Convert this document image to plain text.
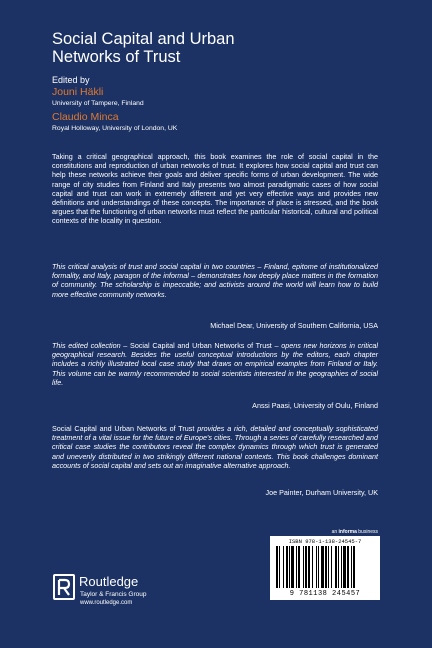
Social Capital and Urban
Networks of Trust
Edited by
Jouni Häkli
University of Tampere, Finland
Claudio Minca
Royal Holloway, University of London, UK

Taking a critical geographical approach, this book examines the role of social capital in the constitutions and reproduction of urban networks of trust. It explores how social capital and trust can help these networks achieve their goals and deliver specific forms of urban development. The wide range of city studies from Finland and Italy presents two almost paradigmatic cases of how social capital and trust can work in extremely different and yet very effective ways and provides new definitions and understandings of these concepts. The importance of place is stressed, and the book argues that the functioning of urban networks must reflect the particular historical, cultural and political contexts of the locality in question.

This critical analysis of trust and social capital in two countries – Finland, epitome of institutionalized formality, and Italy, paragon of the informal – demonstrates how deeply place matters in the formation of community. The scholarship is impeccable; and activists around the world will learn how to build more effective community networks.

Michael Dear, University of Southern California, USA

This edited collection – Social Capital and Urban Networks of Trust – opens new horizons in critical geographical research. Besides the useful conceptual introductions by the editors, each chapter includes a richly illustrated local case study that draws on empirical examples from Finland or Italy. This volume can be warmly recommended to social scientists interested in the geographies of social life.

Anssi Paasi, University of Oulu, Finland

Social Capital and Urban Networks of Trust provides a rich, detailed and conceptually sophisticated treatment of a vital issue for the future of Europe's cities. Through a series of carefully researched and critical case studies the contributors reveal the complex dynamics through which trust is generated and unevenly distributed in two strikingly different national contexts. This book challenges dominant accounts of social capital and sets out an imaginative alternative approach.

Joe Painter, Durham University, UK
an informa business
Routledge
Taylor & Francis Group
www.routledge.com
ISBN 978-1-138-24545-7
9 781138 245457
